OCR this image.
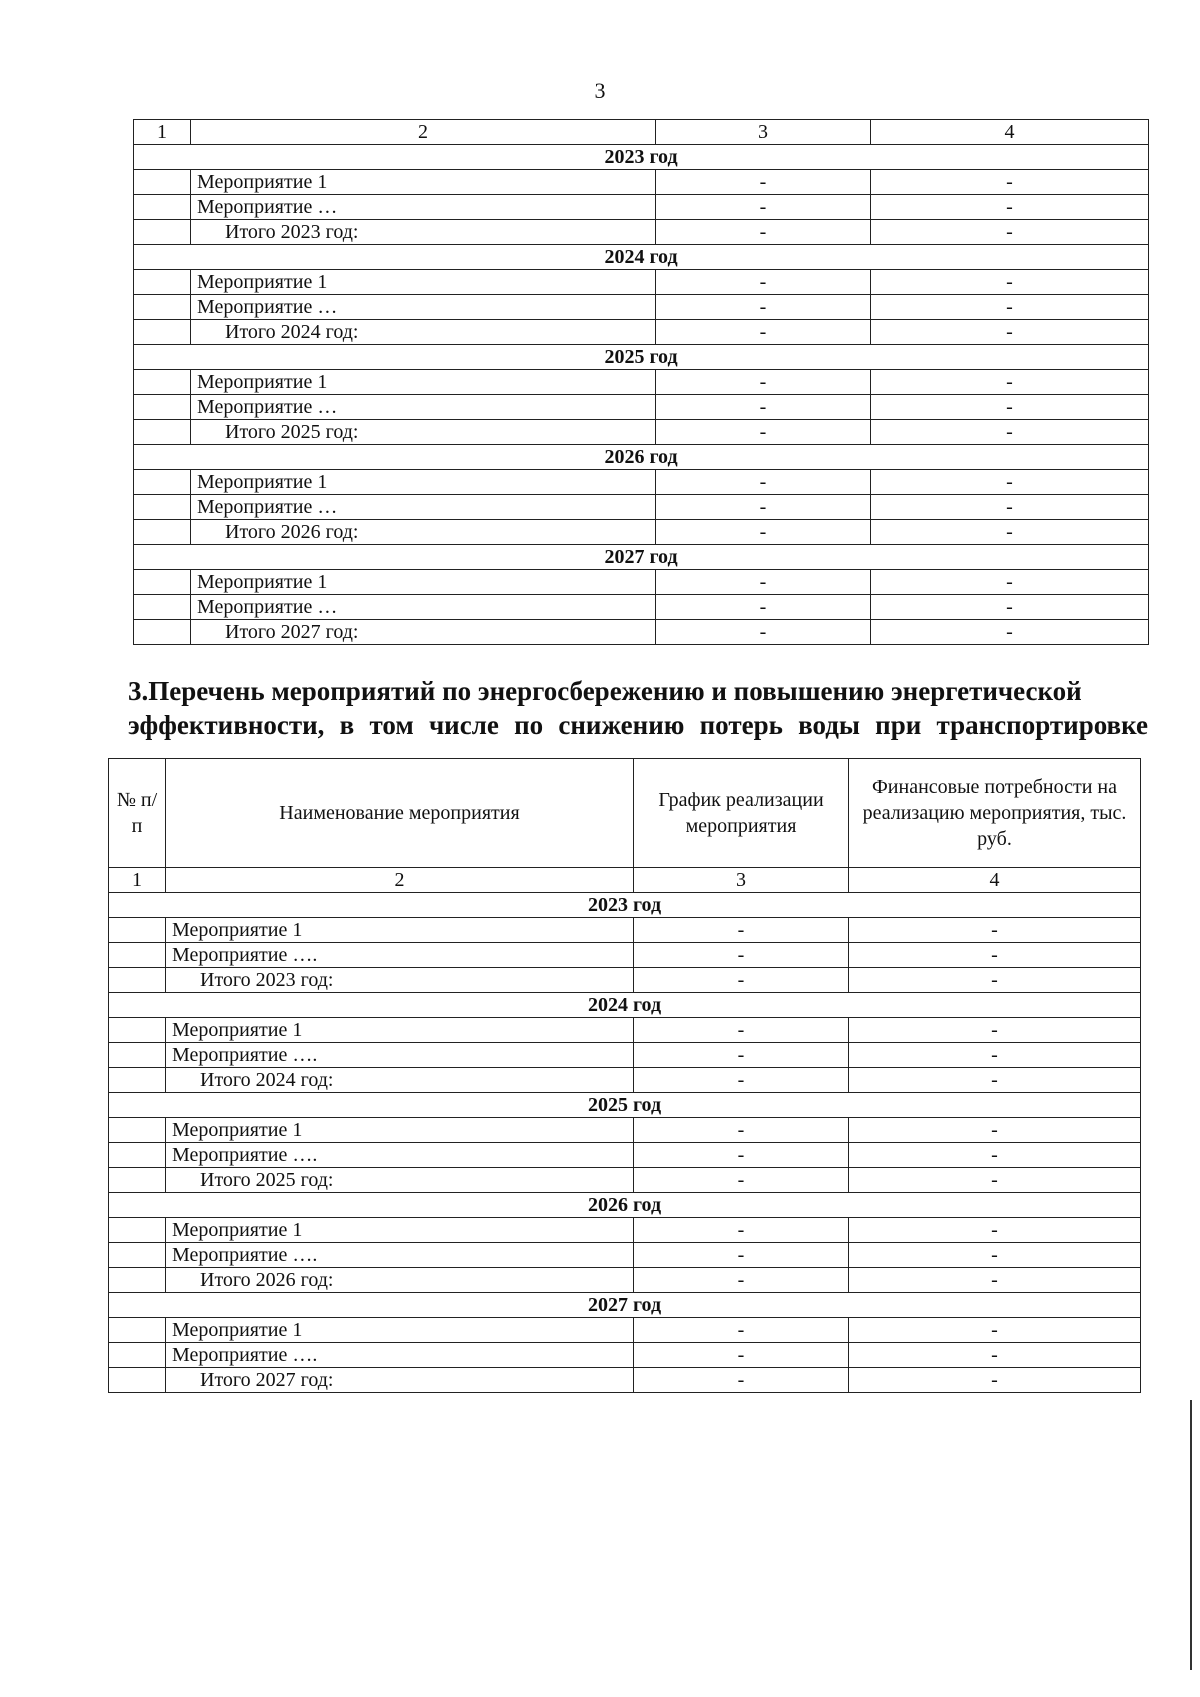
3
1	2	3	4
2023 год			
	Мероприятие 1	-	-
	Мероприятие …	-	-
	Итого 2023 год:	-	-
2024 год			
	Мероприятие 1	-	-
	Мероприятие …	-	-
	Итого 2024 год:	-	-
2025 год			
	Мероприятие 1	-	-
	Мероприятие …	-	-
	Итого 2025 год:	-	-
2026 год			
	Мероприятие 1	-	-
	Мероприятие …	-	-
	Итого 2026 год:	-	-
2027 год			
	Мероприятие 1	-	-
	Мероприятие …	-	-
	Итого 2027 год:	-	-
3.Перечень мероприятий по энергосбережению и повышению энергетической
эффективности, в том числе по снижению потерь воды при транспортировке
№ п/п	Наименование мероприятия	График реализации мероприятия	Финансовые потребности на реализацию мероприятия, тыс. руб.
1	2	3	4
2023 год			
	Мероприятие 1	-	-
	Мероприятие ….	-	-
	Итого 2023 год:	-	-
2024 год			
	Мероприятие 1	-	-
	Мероприятие ….	-	-
	Итого 2024 год:	-	-
2025 год			
	Мероприятие 1	-	-
	Мероприятие ….	-	-
	Итого 2025 год:	-	-
2026 год			
	Мероприятие 1	-	-
	Мероприятие ….	-	-
	Итого 2026 год:	-	-
2027 год			
	Мероприятие 1	-	-
	Мероприятие ….	-	-
	Итого 2027 год:	-	-
